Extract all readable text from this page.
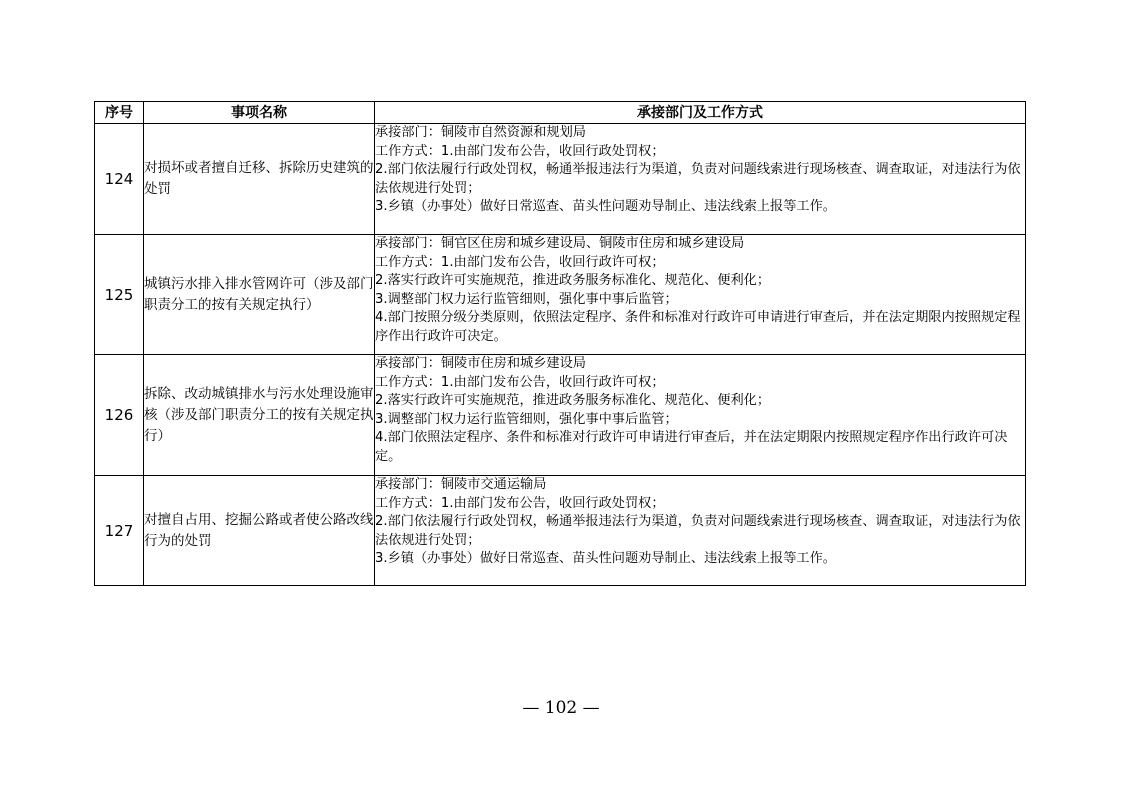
序号	事项名称	承接部门及工作方式
124	对损坏或者擅自迁移、拆除历史建筑的处罚	承接部门：铜陵市自然资源和规划局
工作方式：1.由部门发布公告，收回行政处罚权；
2.部门依法履行行政处罚权，畅通举报违法行为渠道，负责对问题线索进行现场核查、调查取证，对违法行为依法依规进行处罚；
3.乡镇（办事处）做好日常巡查、苗头性问题劝导制止、违法线索上报等工作。

125	城镇污水排入排水管网许可（涉及部门职责分工的按有关规定执行）	承接部门：铜官区住房和城乡建设局、铜陵市住房和城乡建设局
工作方式：1.由部门发布公告，收回行政许可权；
2.落实行政许可实施规范，推进政务服务标准化、规范化、便利化；
3.调整部门权力运行监管细则，强化事中事后监管；
4.部门按照分级分类原则，依照法定程序、条件和标准对行政许可申请进行审查后，并在法定期限内按照规定程序作出行政许可决定。

126	拆除、改动城镇排水与污水处理设施审核（涉及部门职责分工的按有关规定执行）	承接部门：铜陵市住房和城乡建设局
工作方式：1.由部门发布公告，收回行政许可权；
2.落实行政许可实施规范，推进政务服务标准化、规范化、便利化；
3.调整部门权力运行监管细则，强化事中事后监管；
4.部门依照法定程序、条件和标准对行政许可申请进行审查后，并在法定期限内按照规定程序作出行政许可决定。

127	对擅自占用、挖掘公路或者使公路改线行为的处罚	承接部门：铜陵市交通运输局
工作方式：1.由部门发布公告，收回行政处罚权；
2.部门依法履行行政处罚权，畅通举报违法行为渠道，负责对问题线索进行现场核查、调查取证，对违法行为依法依规进行处罚；
3.乡镇（办事处）做好日常巡查、苗头性问题劝导制止、违法线索上报等工作。
— 102 —
